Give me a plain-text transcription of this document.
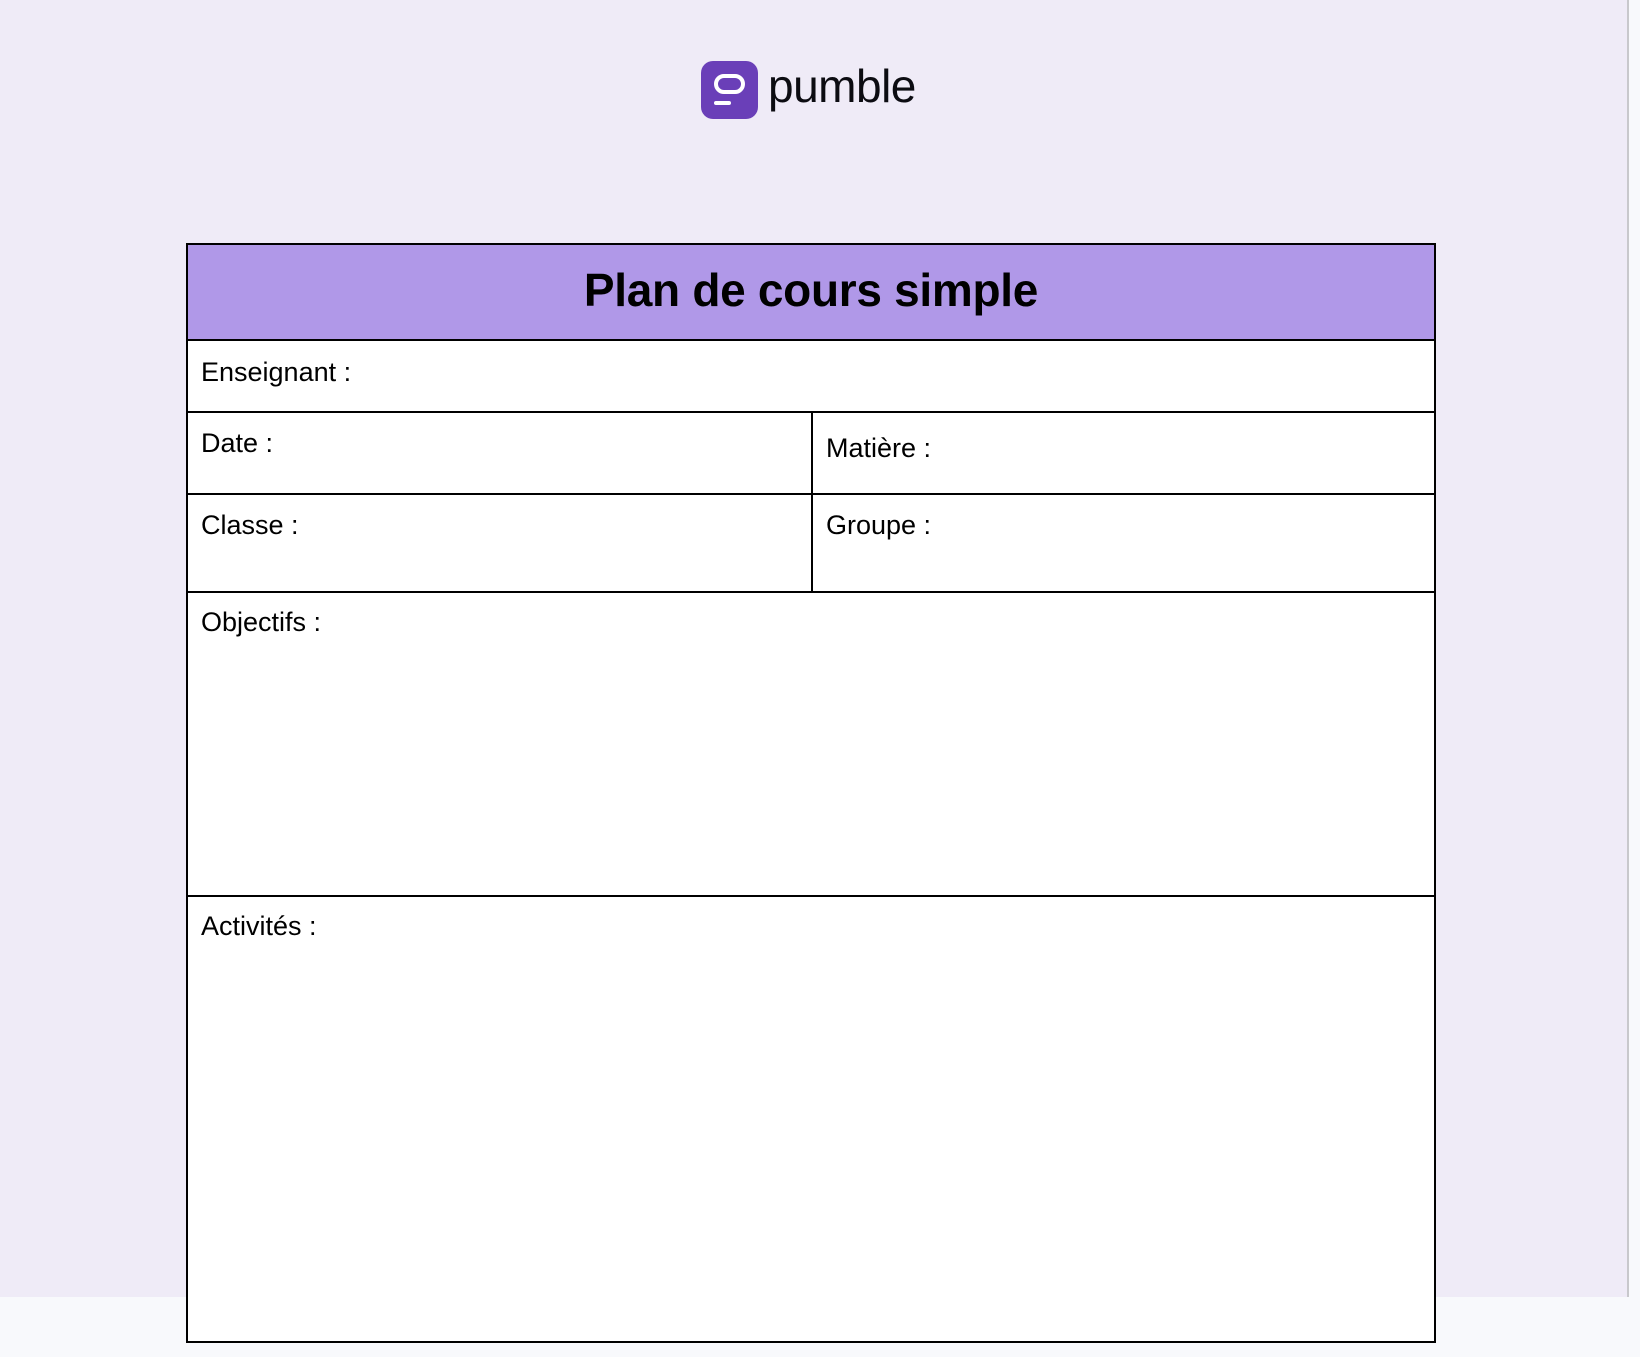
pumble
Plan de cours simple
Enseignant :
Date :	Matière :
Classe :	Groupe :
Objectifs :
Activités :
